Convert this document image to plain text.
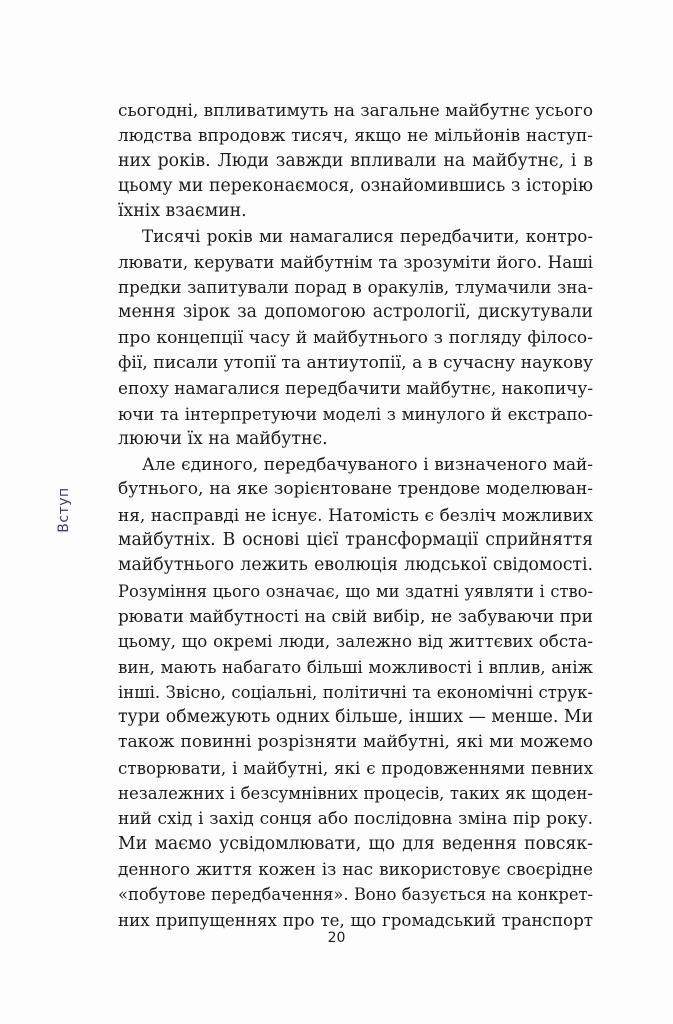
Вступ
сьогодні, впливатимуть на загальне майбутнє усього
людства впродовж тисяч, якщо не мільйонів наступ-
них років. Люди завжди впливали на майбутнє, і в
цьому ми переконаємося, ознайомившись з історію
їхніх взаємин.
Тисячі років ми намагалися передбачити, контро-
лювати, керувати майбутнім та зрозуміти його. Наші
предки запитували порад в оракулів, тлумачили зна-
мення зірок за допомогою астрології, дискутували
про концепції часу й майбутнього з погляду філосо-
фії, писали утопії та антиутопії, а в сучасну наукову
епоху намагалися передбачити майбутнє, накопичу-
ючи та інтерпретуючи моделі з минулого й екстрапо-
люючи їх на майбутнє.
Але єдиного, передбачуваного і визначеного май-
бутнього, на яке зорієнтоване трендове моделюван-
ня, насправді не існує. Натомість є безліч можливих
майбутніх. В основі цієї трансформації сприйняття
майбутнього лежить еволюція людської свідомості.
Розуміння цього означає, що ми здатні уявляти і ство-
рювати майбутності на свій вибір, не забуваючи при
цьому, що окремі люди, залежно від життєвих обста-
вин, мають набагато більші можливості і вплив, аніж
інші. Звісно, соціальні, політичні та економічні струк-
тури обмежують одних більше, інших — менше. Ми
також повинні розрізняти майбутні, які ми можемо
створювати, і майбутні, які є продовженнями певних
незалежних і безсумнівних процесів, таких як щоден-
ний схід і захід сонця або послідовна зміна пір року.
Ми маємо усвідомлювати, що для ведення повсяк-
денного життя кожен із нас використовує своєрідне
«побутове передбачення». Воно базується на конкрет-
них припущеннях про те, що громадський транспорт
20
